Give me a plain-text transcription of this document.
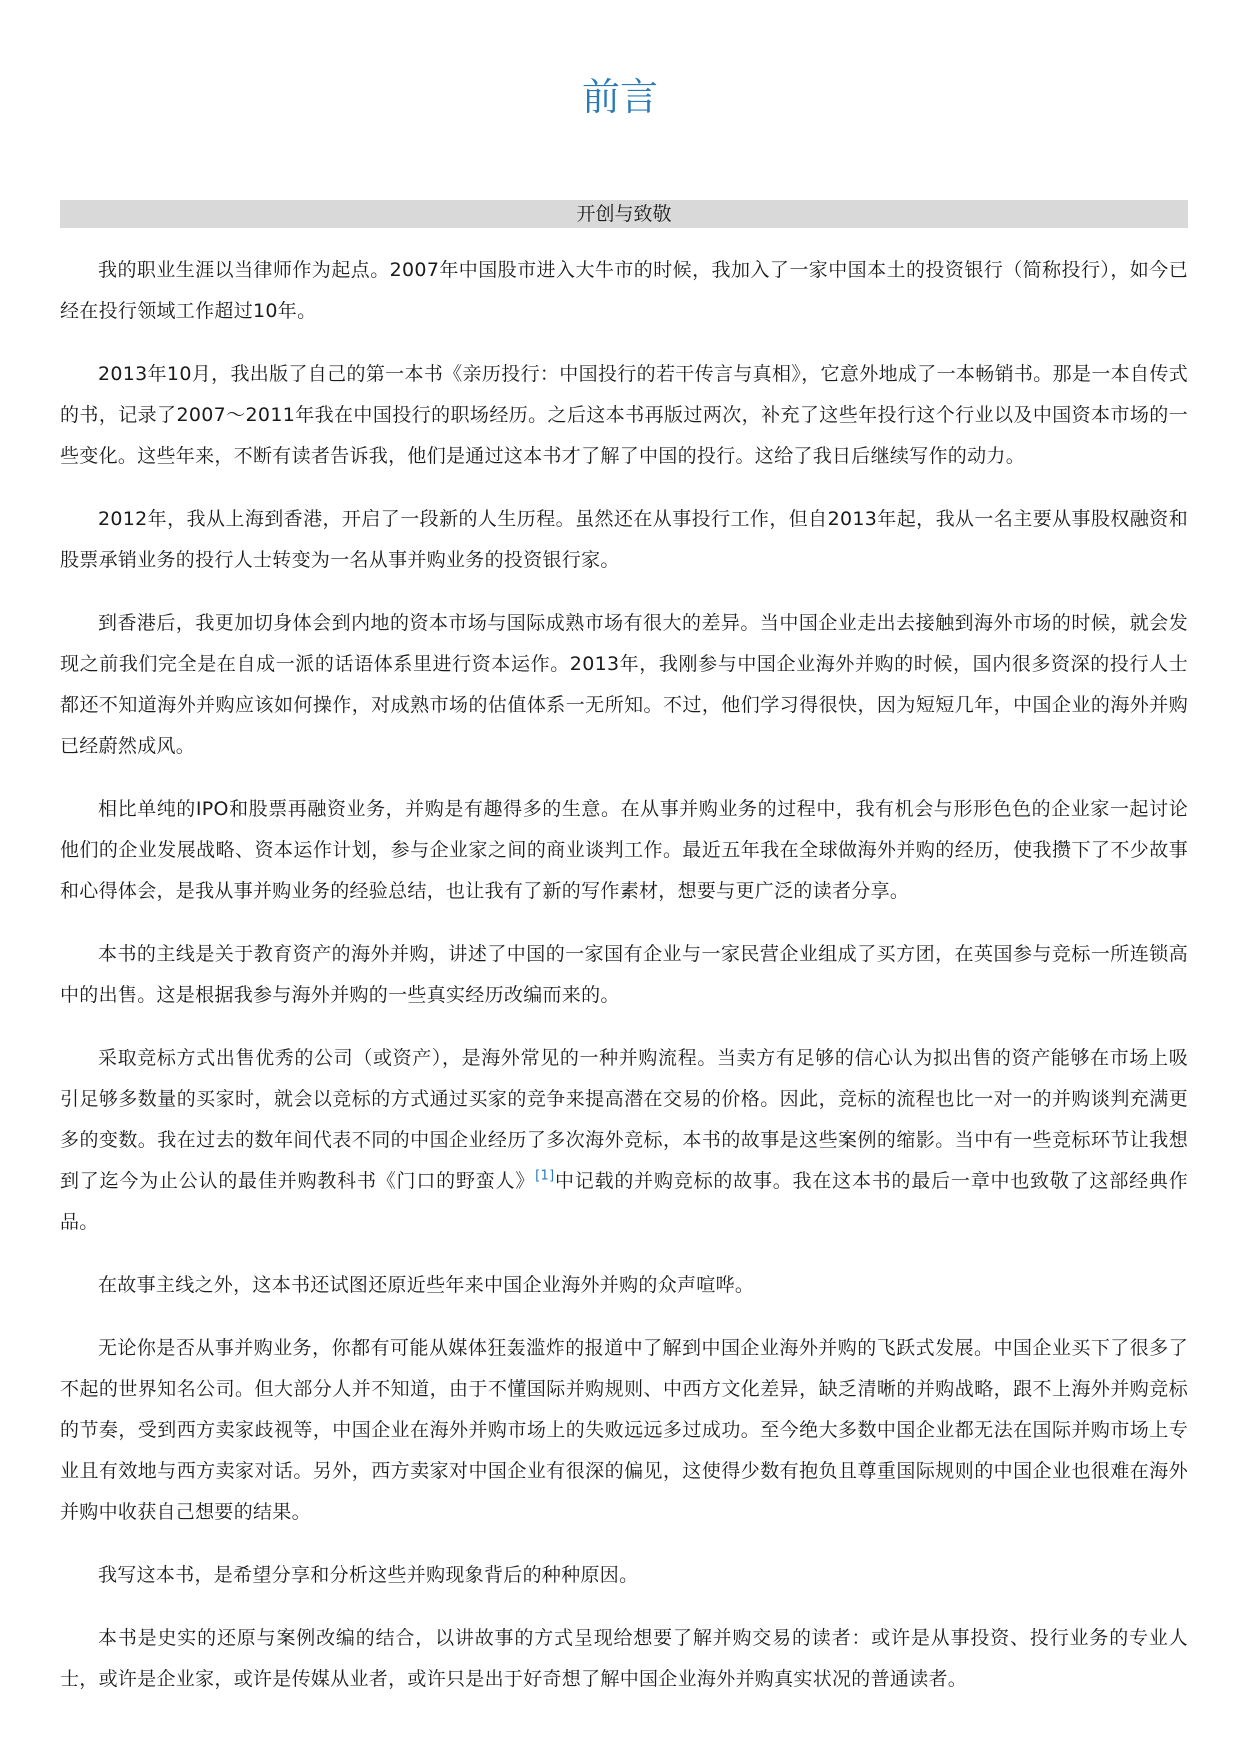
前言
开创与致敬

我的职业生涯以当律师作为起点。2007年中国股市进入大牛市的时候，我加入了一家中国本土的投资银行（简称投行），如今已经在投行领域工作超过10年。

2013年10月，我出版了自己的第一本书《亲历投行：中国投行的若干传言与真相》，它意外地成了一本畅销书。那是一本自传式的书，记录了2007～2011年我在中国投行的职场经历。之后这本书再版过两次，补充了这些年投行这个行业以及中国资本市场的一些变化。这些年来，不断有读者告诉我，他们是通过这本书才了解了中国的投行。这给了我日后继续写作的动力。

2012年，我从上海到香港，开启了一段新的人生历程。虽然还在从事投行工作，但自2013年起，我从一名主要从事股权融资和股票承销业务的投行人士转变为一名从事并购业务的投资银行家。

到香港后，我更加切身体会到内地的资本市场与国际成熟市场有很大的差异。当中国企业走出去接触到海外市场的时候，就会发现之前我们完全是在自成一派的话语体系里进行资本运作。2013年，我刚参与中国企业海外并购的时候，国内很多资深的投行人士都还不知道海外并购应该如何操作，对成熟市场的估值体系一无所知。不过，他们学习得很快，因为短短几年，中国企业的海外并购已经蔚然成风。

相比单纯的IPO和股票再融资业务，并购是有趣得多的生意。在从事并购业务的过程中，我有机会与形形色色的企业家一起讨论他们的企业发展战略、资本运作计划，参与企业家之间的商业谈判工作。最近五年我在全球做海外并购的经历，使我攒下了不少故事和心得体会，是我从事并购业务的经验总结，也让我有了新的写作素材，想要与更广泛的读者分享。

本书的主线是关于教育资产的海外并购，讲述了中国的一家国有企业与一家民营企业组成了买方团，在英国参与竞标一所连锁高中的出售。这是根据我参与海外并购的一些真实经历改编而来的。

采取竞标方式出售优秀的公司（或资产），是海外常见的一种并购流程。当卖方有足够的信心认为拟出售的资产能够在市场上吸引足够多数量的买家时，就会以竞标的方式通过买家的竞争来提高潜在交易的价格。因此，竞标的流程也比一对一的并购谈判充满更多的变数。我在过去的数年间代表不同的中国企业经历了多次海外竞标，本书的故事是这些案例的缩影。当中有一些竞标环节让我想到了迄今为止公认的最佳并购教科书《门口的野蛮人》[1]中记载的并购竞标的故事。我在这本书的最后一章中也致敬了这部经典作品。

在故事主线之外，这本书还试图还原近些年来中国企业海外并购的众声喧哗。

无论你是否从事并购业务，你都有可能从媒体狂轰滥炸的报道中了解到中国企业海外并购的飞跃式发展。中国企业买下了很多了不起的世界知名公司。但大部分人并不知道，由于不懂国际并购规则、中西方文化差异，缺乏清晰的并购战略，跟不上海外并购竞标的节奏，受到西方卖家歧视等，中国企业在海外并购市场上的失败远远多过成功。至今绝大多数中国企业都无法在国际并购市场上专业且有效地与西方卖家对话。另外，西方卖家对中国企业有很深的偏见，这使得少数有抱负且尊重国际规则的中国企业也很难在海外并购中收获自己想要的结果。

我写这本书，是希望分享和分析这些并购现象背后的种种原因。

本书是史实的还原与案例改编的结合，以讲故事的方式呈现给想要了解并购交易的读者：或许是从事投资、投行业务的专业人士，或许是企业家，或许是传媒从业者，或许只是出于好奇想了解中国企业海外并购真实状况的普通读者。
